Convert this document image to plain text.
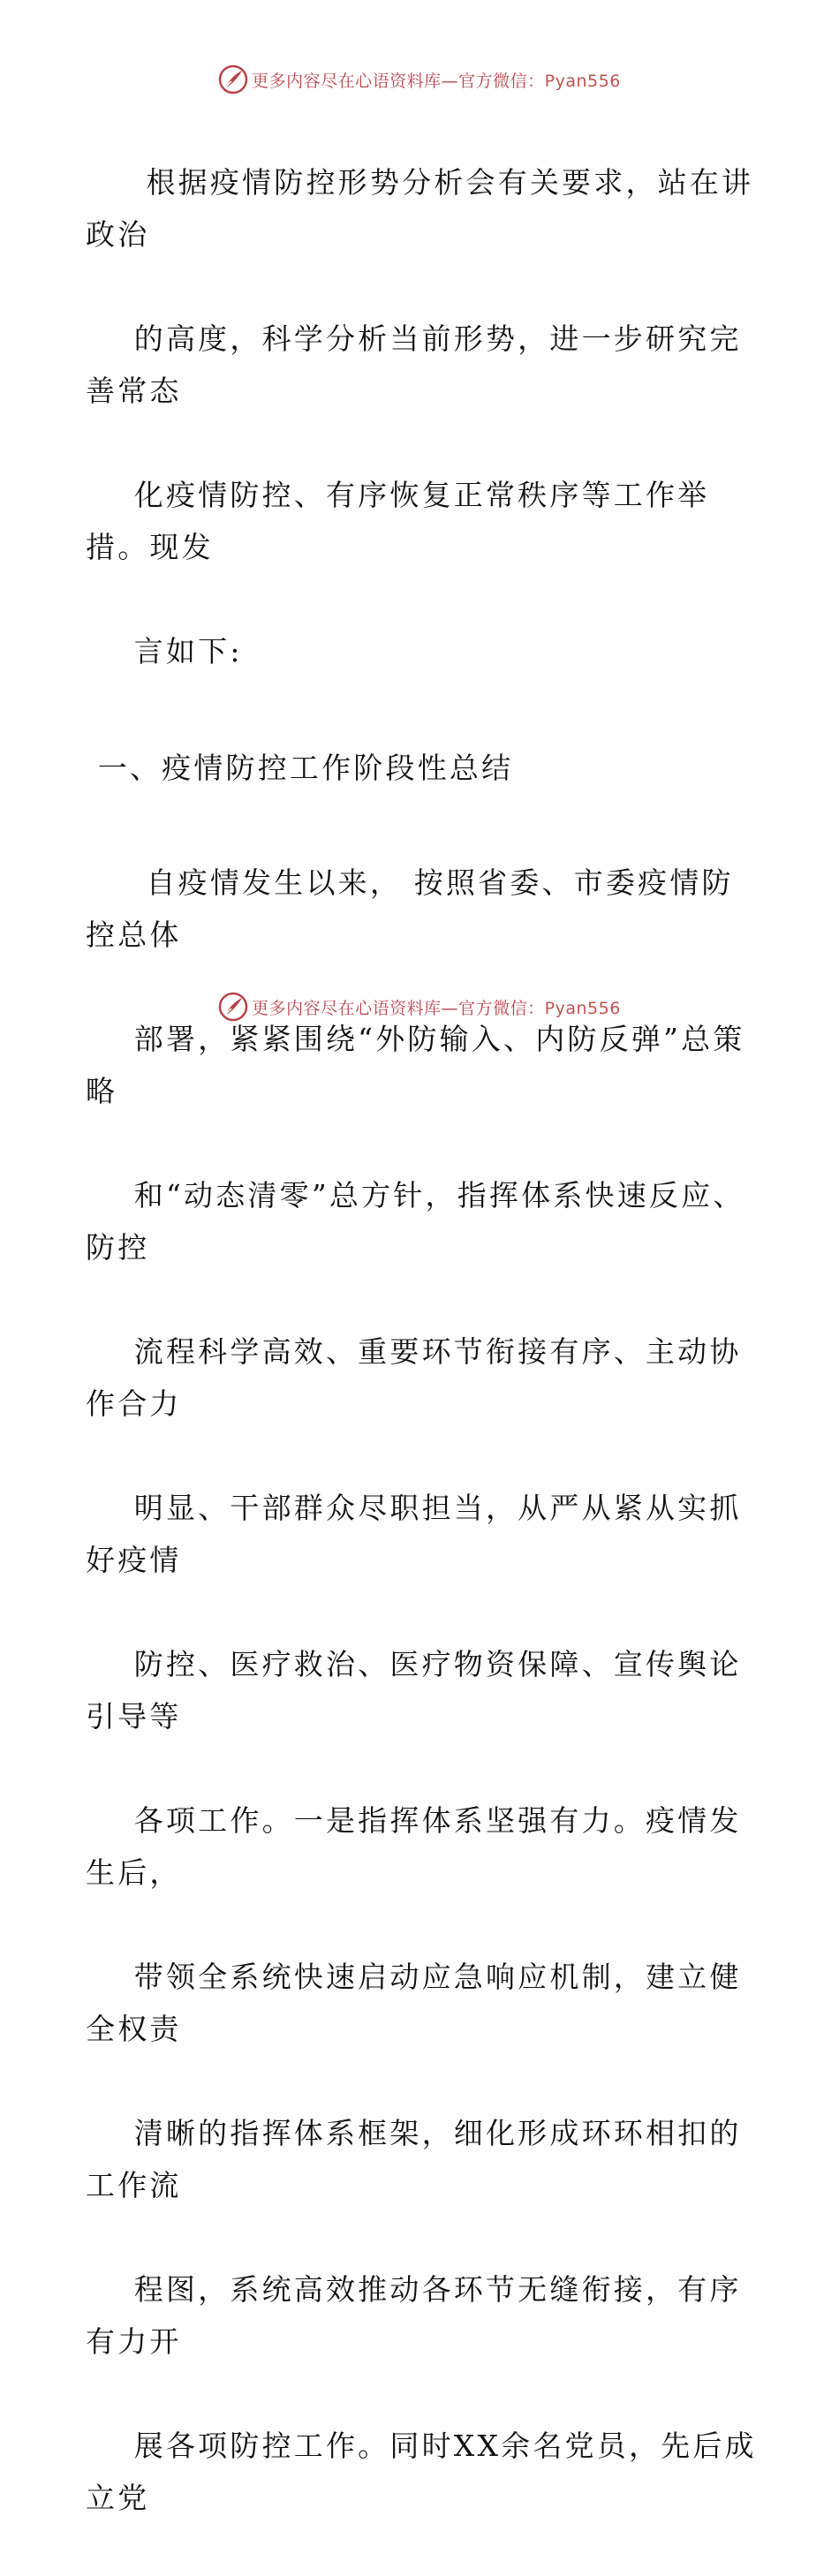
更多内容尽在心语资料库—官方微信：Pyan556

根据疫情防控形势分析会有关要求，站在讲政治

的高度，科学分析当前形势，进一步研究完善常态

化疫情防控、有序恢复正常秩序等工作举措。现发

言如下:

一、疫情防控工作阶段性总结

自疫情发生以来， 按照省委、市委疫情防控总体

部署，紧紧围绕“外防输入、内防反弹”总策略

和“动态清零”总方针，指挥体系快速反应、防控

流程科学高效、重要环节衔接有序、主动协作合力

明显、干部群众尽职担当，从严从紧从实抓好疫情

防控、医疗救治、医疗物资保障、宣传舆论引导等

各项工作。一是指挥体系坚强有力。疫情发生后，

带领全系统快速启动应急响应机制，建立健全权责

清晰的指挥体系框架，细化形成环环相扣的工作流

程图，系统高效推动各环节无缝衔接，有序有力开

展各项防控工作。同时XX余名党员，先后成立党

更多内容尽在心语资料库—官方微信：Pyan556
